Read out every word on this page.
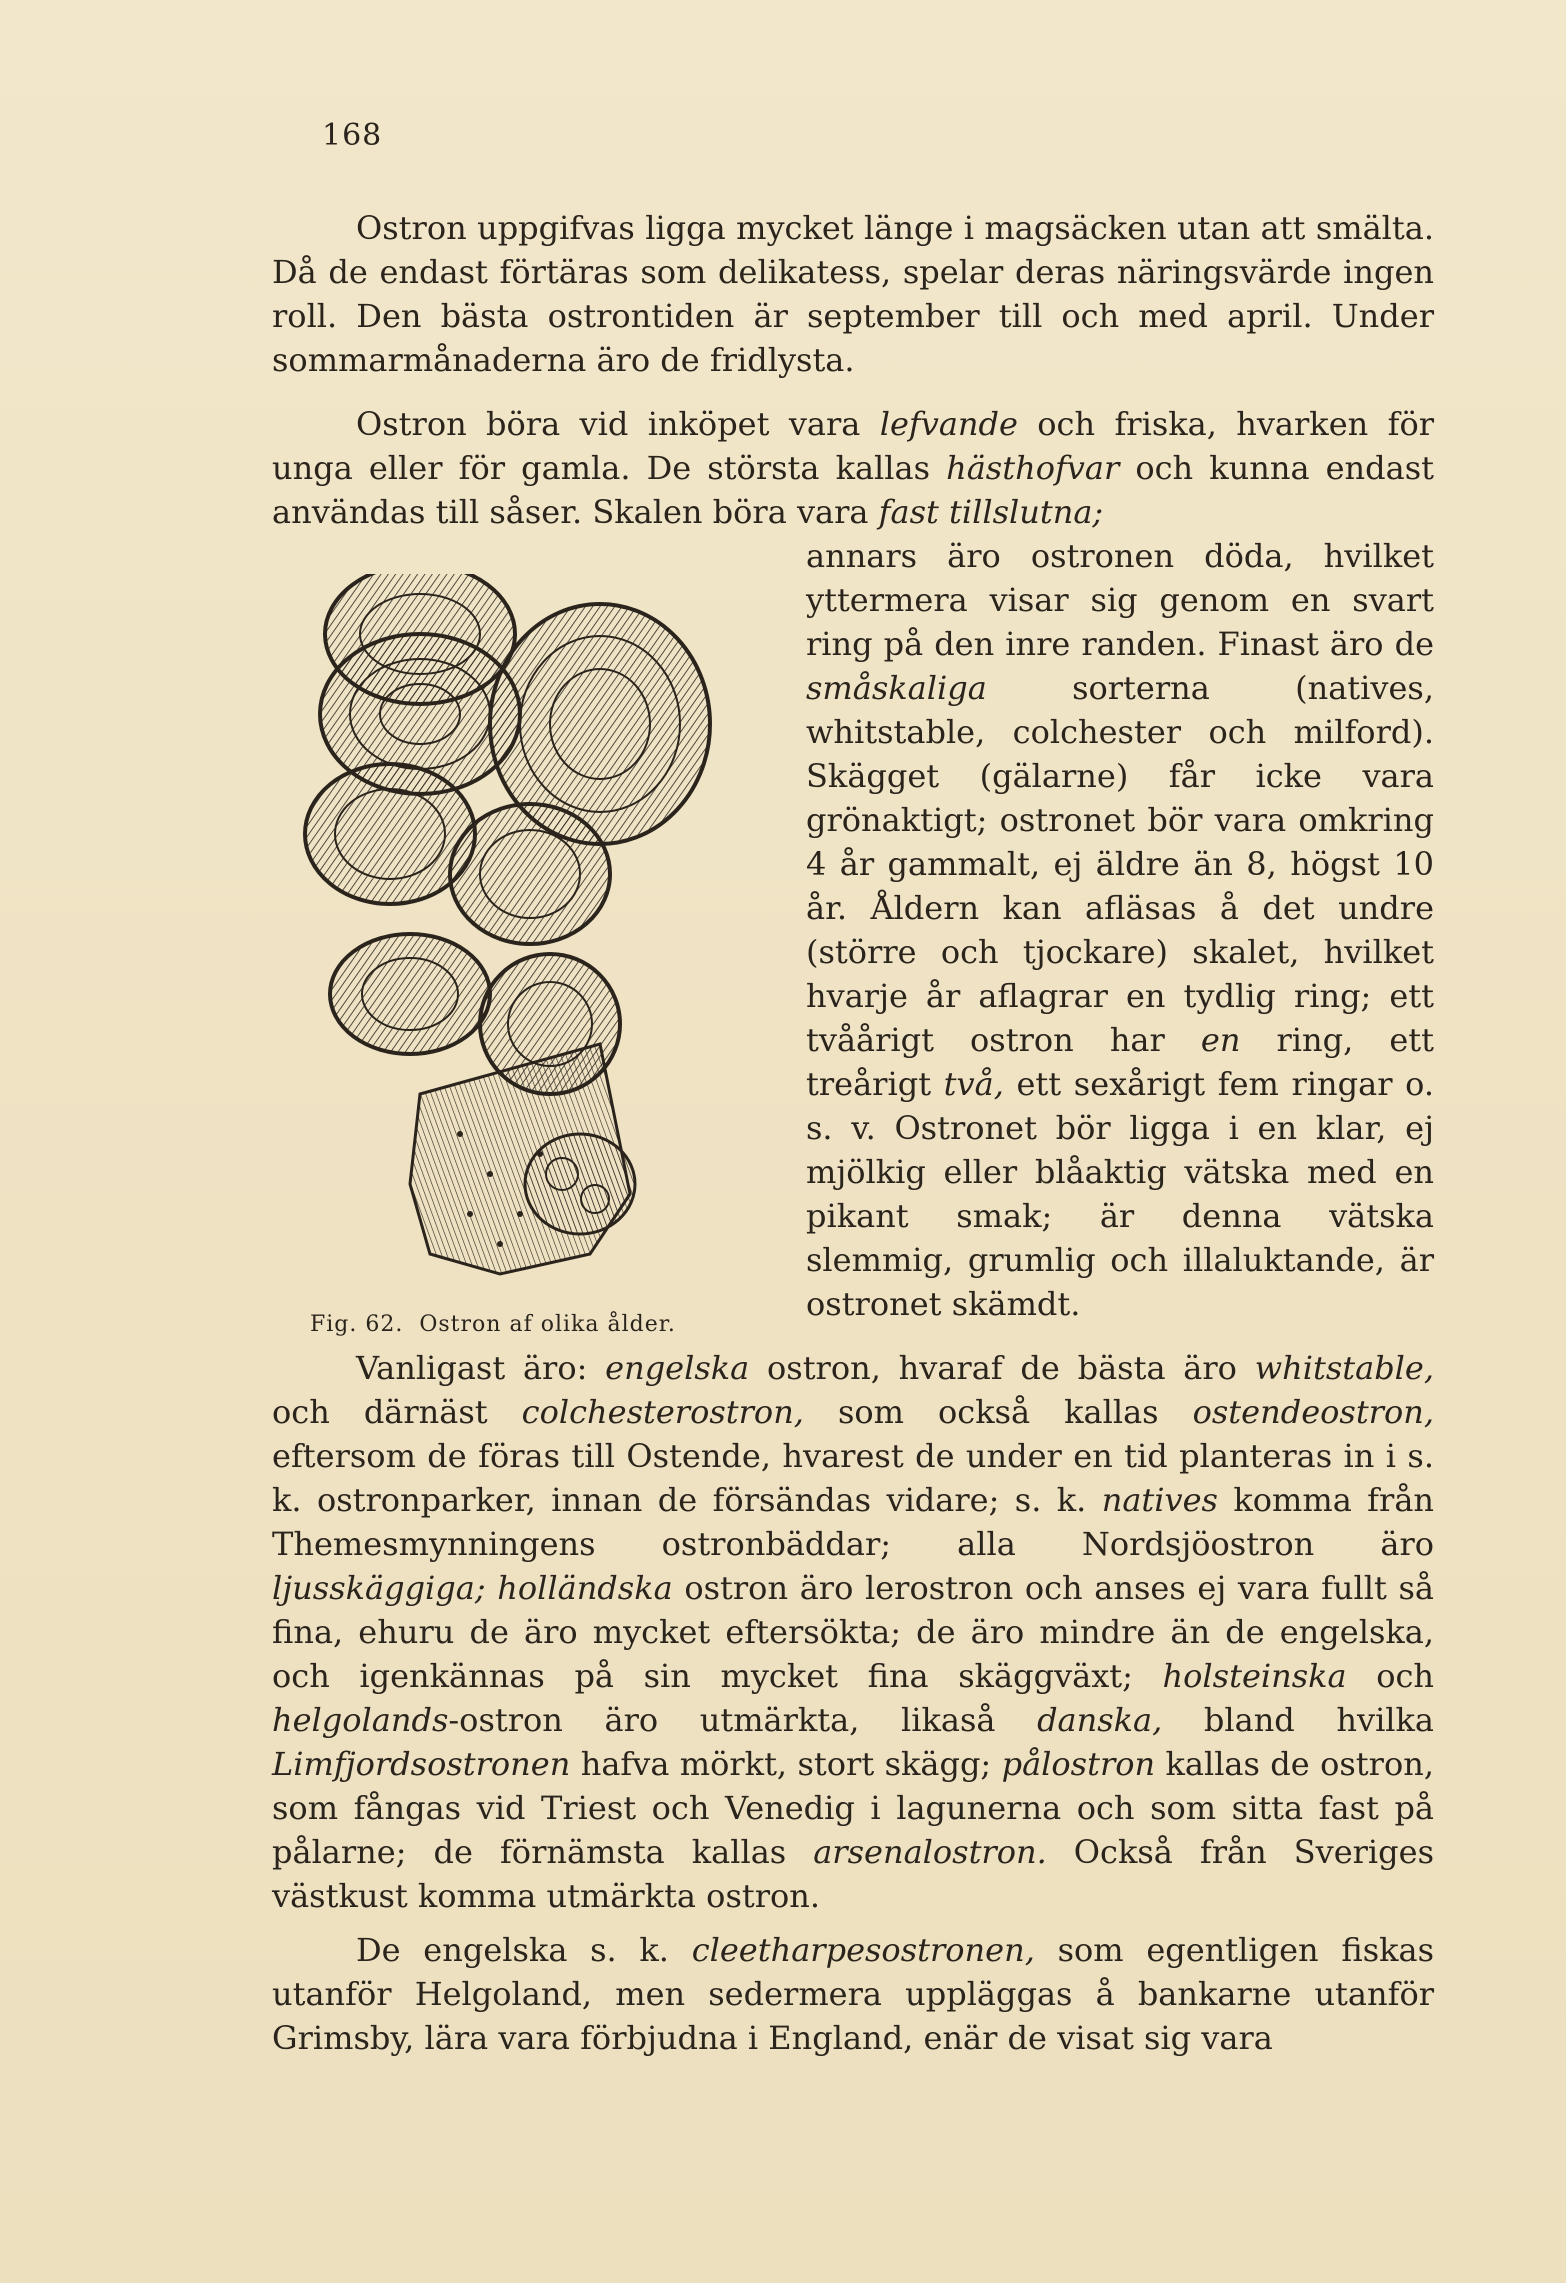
168

Ostron uppgifvas ligga mycket länge i magsäcken utan att smälta. Då de endast förtäras som delikatess, spelar deras näringsvärde ingen roll. Den bästa ostrontiden är september till och med april. Under sommarmånaderna äro de fridlysta.

Ostron böra vid inköpet vara lefvande och friska, hvarken för unga eller för gamla. De största kallas hästhofvar och kunna endast användas till såser. Skalen böra vara fast tillslutna;

annars äro ostronen döda, hvilket yttermera visar sig genom en svart ring på den inre randen. Finast äro de småskaliga sorterna (natives, whitstable, colchester och milford). Skägget (gälarne) får icke vara grönaktigt; ostronet bör vara omkring 4 år gammalt, ej äldre än 8, högst 10 år. Åldern kan afläsas å det undre (större och tjockare) skalet, hvilket hvarje år aflagrar en tydlig ring; ett tvåårigt ostron har en ring, ett treårigt två, ett sexårigt fem ringar o. s. v. Ostronet bör ligga i en klar, ej mjölkig eller blåaktig vätska med en pikant smak; är denna vätska slemmig, grumlig och illaluktande, är ostronet skämdt.

Fig. 62. Ostron af olika ålder.

Vanligast äro: engelska ostron, hvaraf de bästa äro whitstable, och därnäst colchesterostron, som också kallas ostendeostron, eftersom de föras till Ostende, hvarest de under en tid planteras in i s. k. ostronparker, innan de försändas vidare; s. k. natives komma från Themesmynningens ostronbäddar; alla Nordsjöostron äro ljusskäggiga; holländska ostron äro lerostron och anses ej vara fullt så fina, ehuru de äro mycket eftersökta; de äro mindre än de engelska, och igenkännas på sin mycket fina skäggväxt; holsteinska och helgolands-ostron äro utmärkta, likaså danska, bland hvilka Limfjordsostronen hafva mörkt, stort skägg; pålostron kallas de ostron, som fångas vid Triest och Venedig i lagunerna och som sitta fast på pålarne; de förnämsta kallas arsenalostron. Också från Sveriges västkust komma utmärkta ostron.

De engelska s. k. cleetharpesostronen, som egentligen fiskas utanför Helgoland, men sedermera uppläggas å bankarne utanför Grimsby, lära vara förbjudna i England, enär de visat sig vara
